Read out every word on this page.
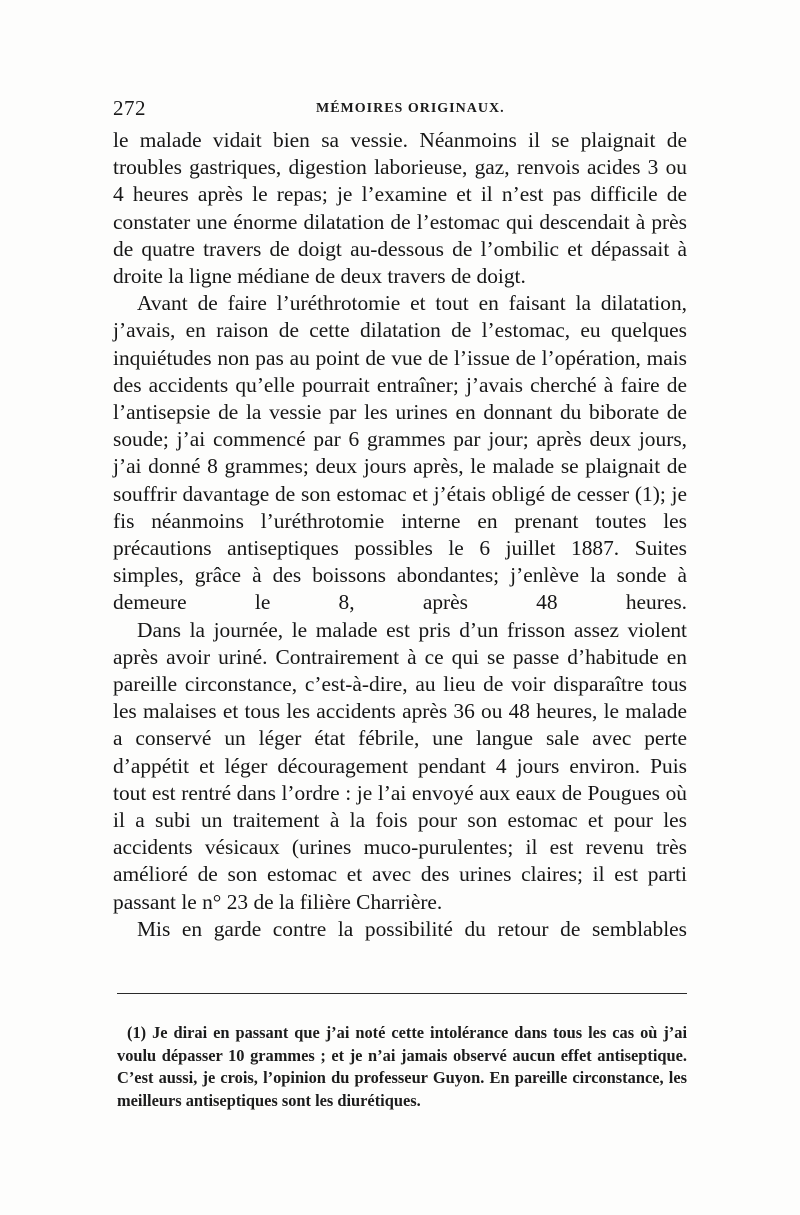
272	MÉMOIRES ORIGINAUX.

le malade vidait bien sa vessie. Néanmoins il se plaignait de troubles gastriques, digestion laborieuse, gaz, renvois acides 3 ou 4 heures après le repas; je l’examine et il n’est pas difficile de constater une énorme dilatation de l’estomac qui descendait à près de quatre travers de doigt au-dessous de l’ombilic et dépassait à droite la ligne médiane de deux travers de doigt.

Avant de faire l’uréthrotomie et tout en faisant la dilatation, j’avais, en raison de cette dilatation de l’estomac, eu quelques inquiétudes non pas au point de vue de l’issue de l’opération, mais des accidents qu’elle pourrait entraîner; j’avais cherché à faire de l’antisepsie de la vessie par les urines en donnant du biborate de soude; j’ai commencé par 6 grammes par jour; après deux jours, j’ai donné 8 grammes; deux jours après, le malade se plaignait de souffrir davantage de son estomac et j’étais obligé de cesser (1); je fis néanmoins l’uréthrotomie interne en prenant toutes les précautions antiseptiques possibles le 6 juillet 1887. Suites simples, grâce à des boissons abondantes; j’enlève la sonde à demeure le 8, après 48 heures.

Dans la journée, le malade est pris d’un frisson assez violent après avoir uriné. Contrairement à ce qui se passe d’habitude en pareille circonstance, c’est-à-dire, au lieu de voir disparaître tous les malaises et tous les accidents après 36 ou 48 heures, le malade a conservé un léger état fébrile, une langue sale avec perte d’appétit et léger découragement pendant 4 jours environ. Puis tout est rentré dans l’ordre : je l’ai envoyé aux eaux de Pougues où il a subi un traitement à la fois pour son estomac et pour les accidents vésicaux (urines muco-purulentes; il est revenu très amélioré de son estomac et avec des urines claires; il est parti passant le n° 23 de la filière Charrière.

Mis en garde contre la possibilité du retour de semblables

(1) Je dirai en passant que j’ai noté cette intolérance dans tous les cas où j’ai voulu dépasser 10 grammes ; et je n’ai jamais observé aucun effet antiseptique. C’est aussi, je crois, l’opinion du professeur Guyon. En pareille circonstance, les meilleurs antiseptiques sont les diurétiques.
